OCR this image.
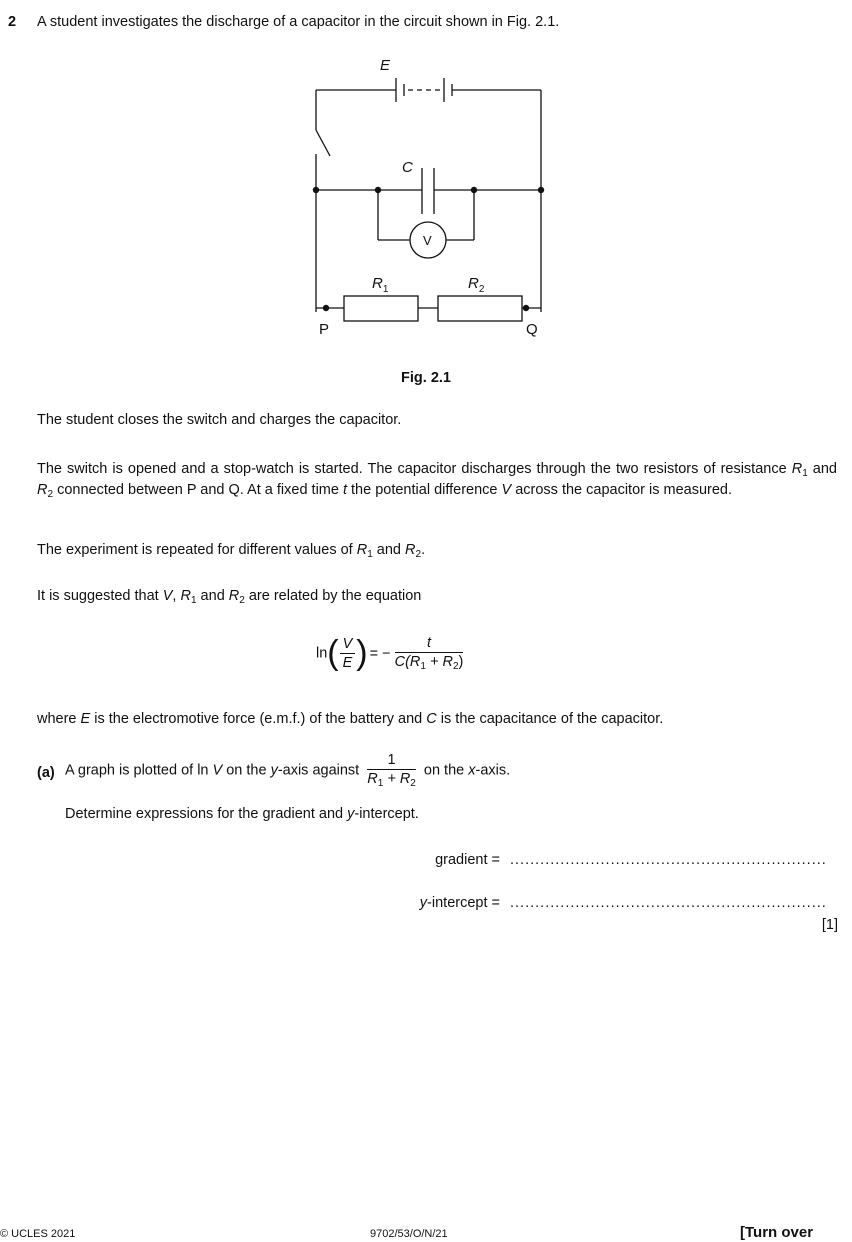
2 A student investigates the discharge of a capacitor in the circuit shown in Fig. 2.1.
E
C
V
$R_1$	$R_2$
P	Q
Fig. 2.1
The student closes the switch and charges the capacitor.
The switch is opened and a stop-watch is started. The capacitor discharges through the two resistors of resistance $R_1$ and $R_2$ connected between P and Q. At a fixed time t the potential difference V across the capacitor is measured.
The experiment is repeated for different values of $R_1$ and $R_2$.
It is suggested that V, $R_1$ and $R_2$ are related by the equation
$\ln( \frac{V}{E}$ ) = − $\frac{t}{C(R_1 + R_2)}$
where E is the electromotive force (e.m.f.) of the battery and C is the capacitance of the capacitor.
(a) A graph is plotted of ln V on the y-axis against $\frac{1}{R_1 + R_2}$ on the x-axis.
Determine expressions for the gradient and y-intercept.
gradient = ...............................................................
y-intercept = ...............................................................
[1]
© UCLES 2021	9702/53/O/N/21	[Turn over
